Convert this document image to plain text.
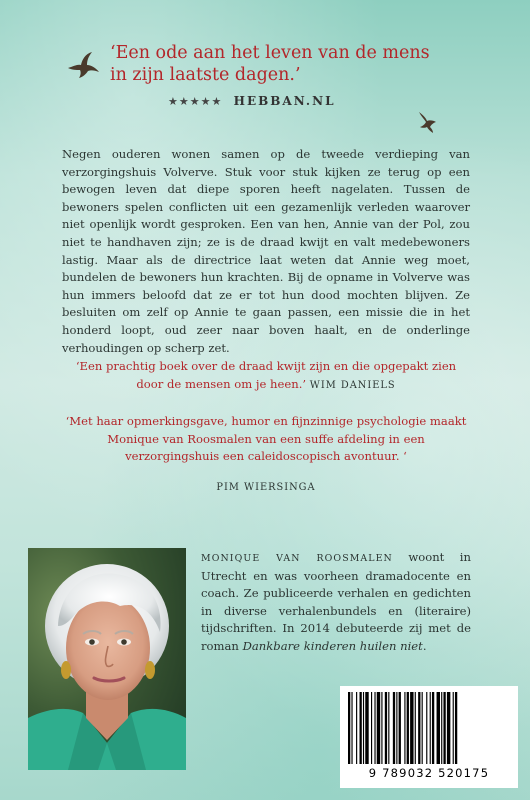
‘Een ode aan het leven van de mens in zijn laatste dagen.’
★★★★★ HEBBAN.NL
Negen ouderen wonen samen op de tweede verdieping van verzorgingshuis Volverve. Stuk voor stuk kijken ze terug op een bewogen leven dat diepe sporen heeft nagelaten. Tussen de bewoners spelen conflicten uit een gezamenlijk verleden waarover niet openlijk wordt gesproken. Een van hen, Annie van der Pol, zou niet te handhaven zijn; ze is de draad kwijt en valt medebewoners lastig. Maar als de directrice laat weten dat Annie weg moet, bundelen de bewoners hun krachten. Bij de opname in Volverve was hun immers beloofd dat ze er tot hun dood mochten blijven. Ze besluiten om zelf op Annie te gaan passen, een missie die in het honderd loopt, oud zeer naar boven haalt, en de onderlinge verhoudingen op scherp zet.
‘Een prachtig boek over de draad kwijt zijn en die opgepakt zien door de mensen om je heen.’ WIM DANIELS
‘Met haar opmerkingsgave, humor en fijnzinnige psychologie maakt Monique van Roosmalen van een suffe afdeling in een verzorgingshuis een caleidoscopisch avontuur. ‘
PIM WIERSINGA
MONIQUE VAN ROOSMALEN woont in Utrecht en was voorheen dramadocente en coach. Ze publiceerde verhalen en gedichten in diverse verhalenbundels en (literaire) tijdschriften. In 2014 debuteerde zij met de roman Dankbare kinderen huilen niet.
9 789032 520175
